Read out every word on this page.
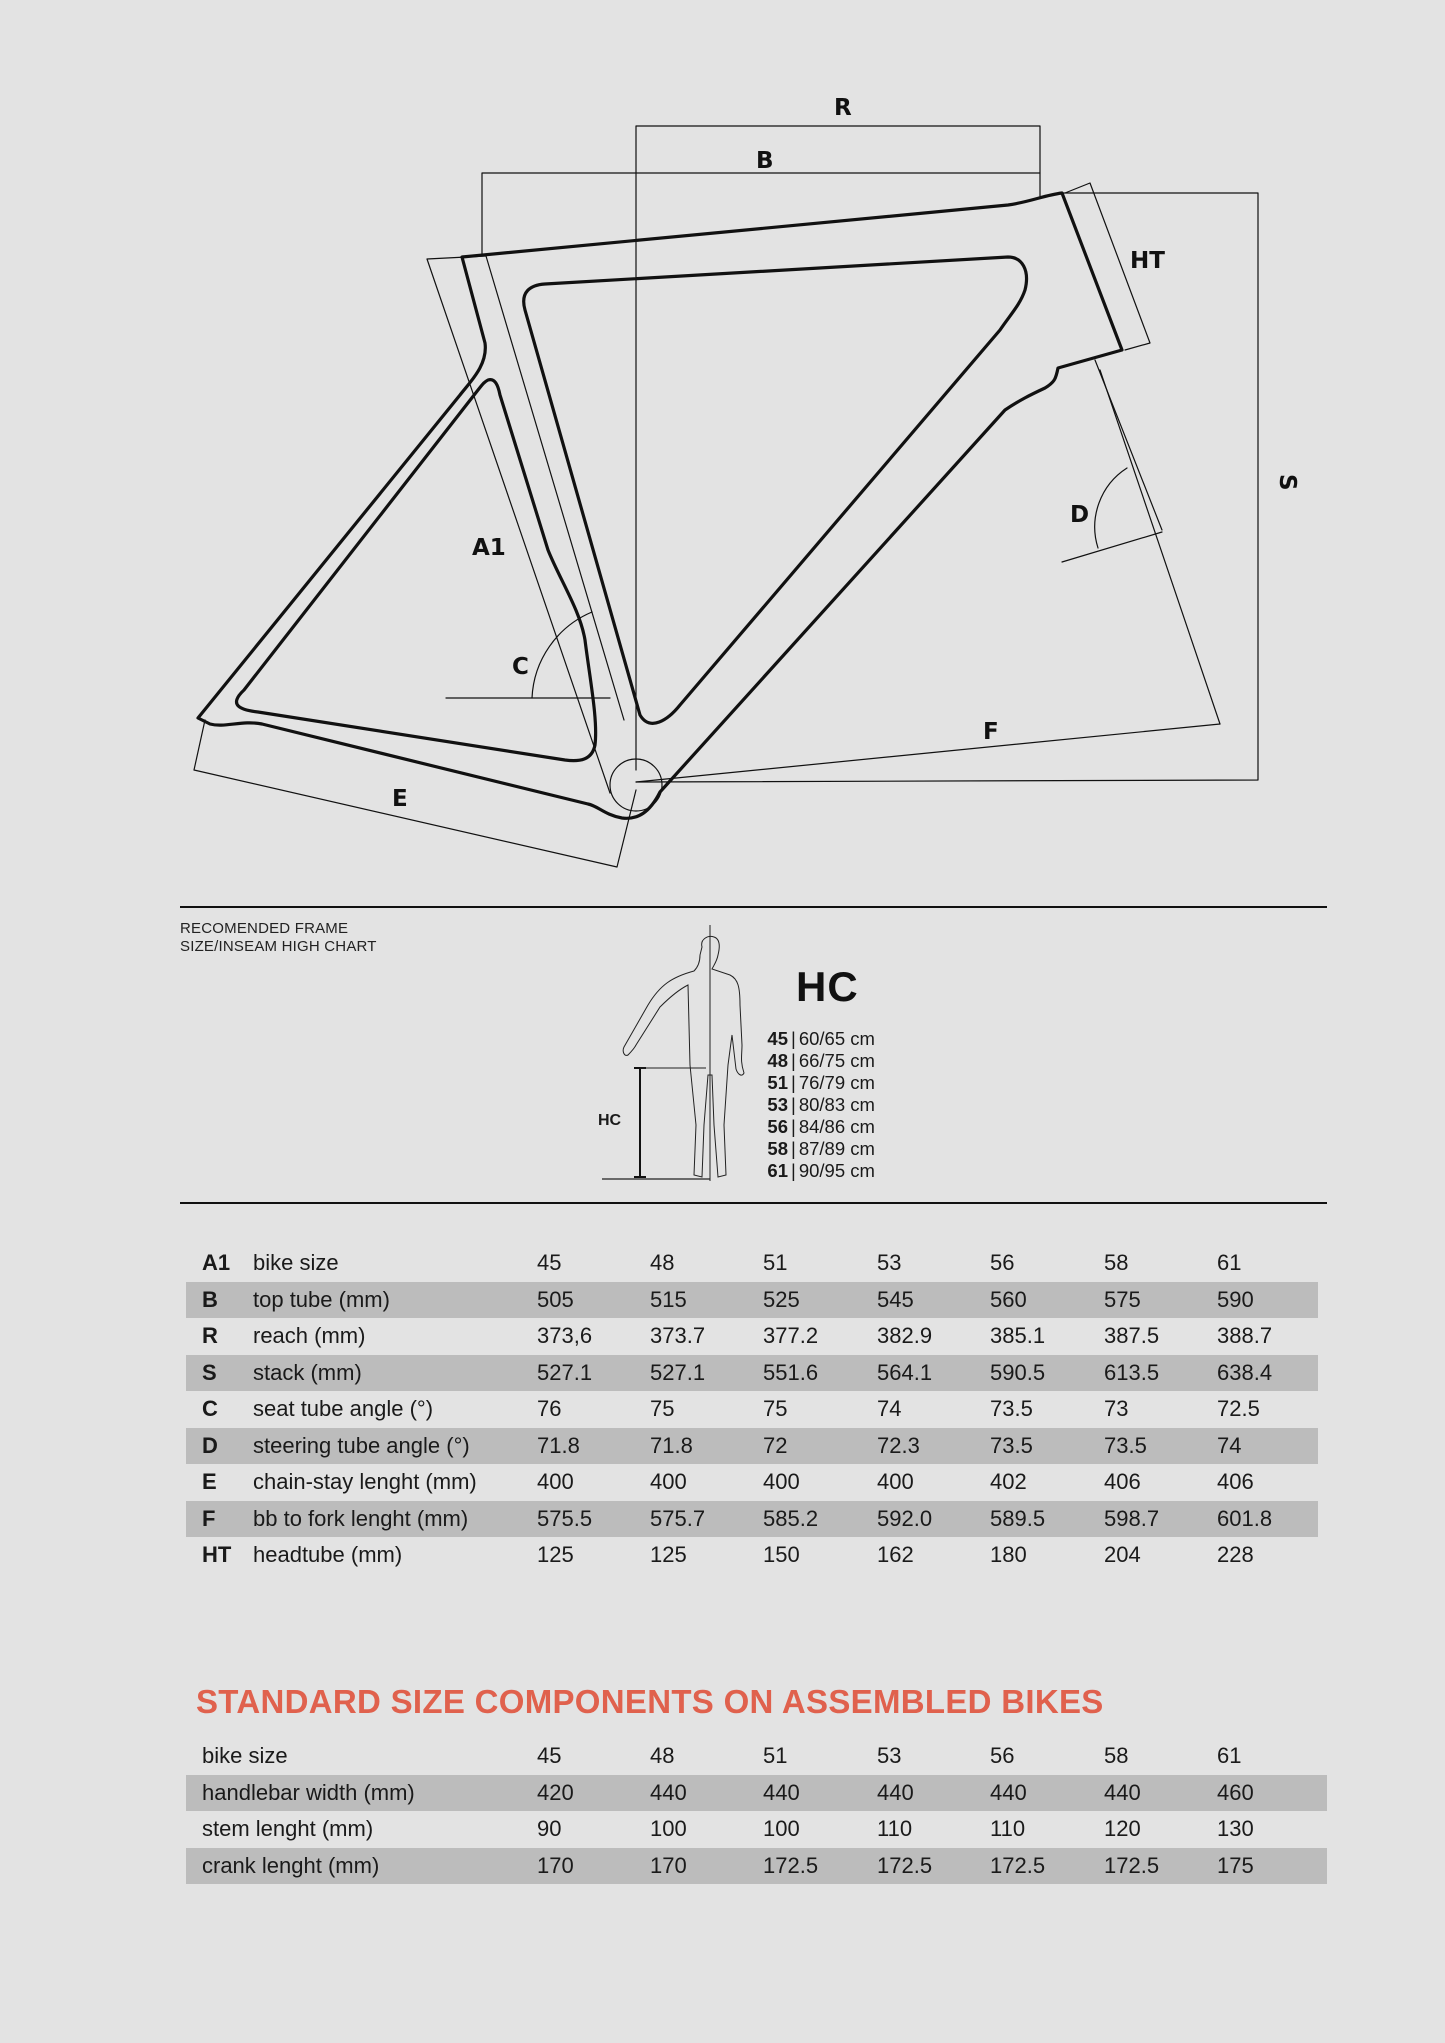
R
B
HT
S
A1
C
D
E
F
RECOMENDED FRAME
SIZE/INSEAM HIGH CHART
HC
HC
45 | 60/65 cm
48 | 66/75 cm
51 | 76/79 cm
53 | 80/83 cm
56 | 84/86 cm
58 | 87/89 cm
61 | 90/95 cm
A1 bike size	45	48	51	53	56	58	61
B top tube (mm)	505	515	525	545	560	575	590
R reach (mm)	373,6	373.7	377.2	382.9	385.1	387.5	388.7
S stack (mm)	527.1	527.1	551.6	564.1	590.5	613.5	638.4
C seat tube angle (°)	76	75	75	74	73.5	73	72.5
D steering tube angle (°)	71.8	71.8	72	72.3	73.5	73.5	74
E chain-stay lenght (mm)	400	400	400	400	402	406	406
F bb to fork lenght (mm)	575.5	575.7	585.2	592.0	589.5	598.7	601.8
HT headtube (mm)	125	125	150	162	180	204	228
STANDARD SIZE COMPONENTS ON ASSEMBLED BIKES
bike size	45	48	51	53	56	58	61
handlebar width (mm)	420	440	440	440	440	440	460
stem lenght (mm)	90	100	100	110	110	120	130
crank lenght (mm)	170	170	172.5	172.5	172.5	172.5	175
